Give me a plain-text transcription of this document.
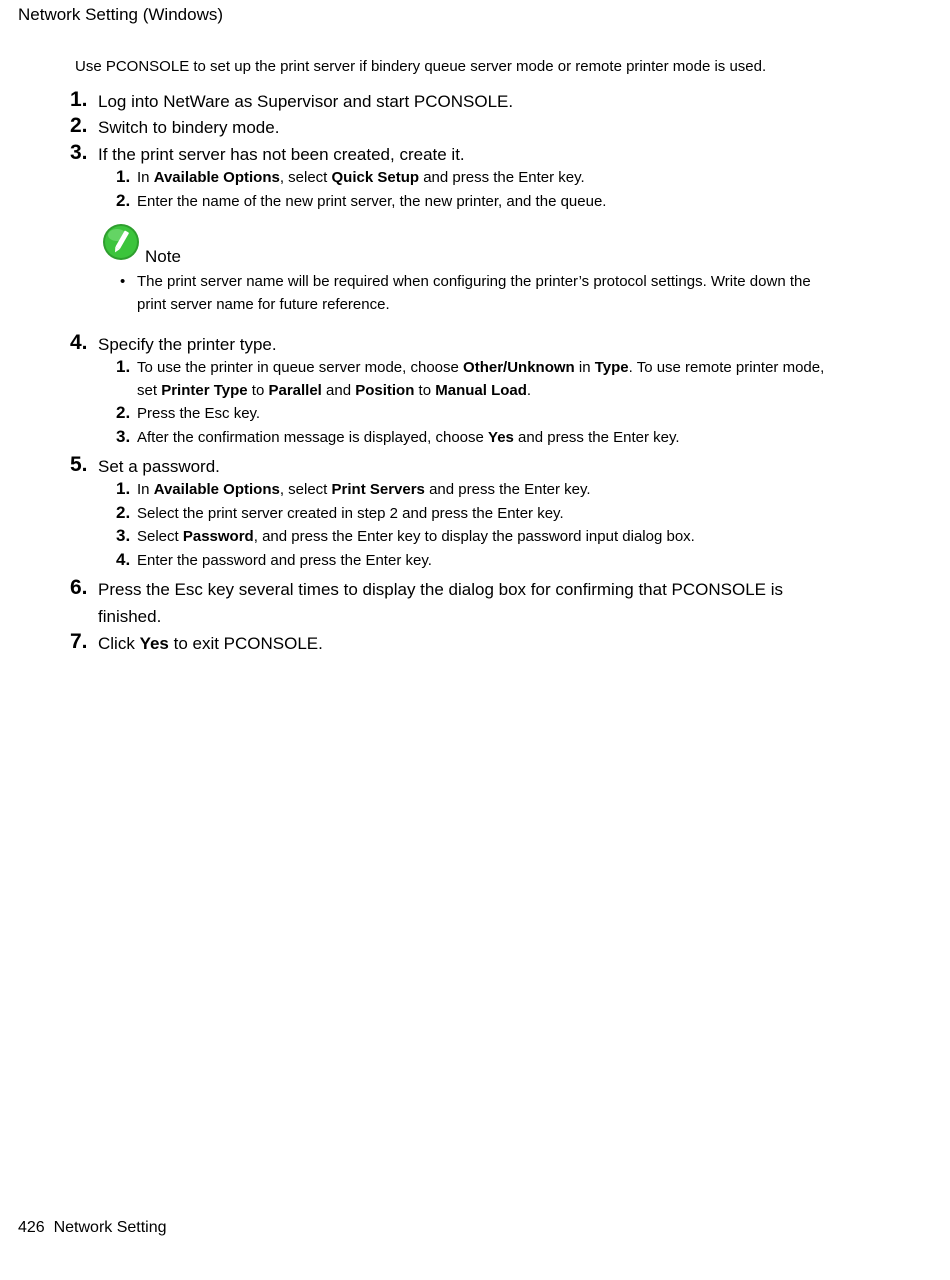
Network Setting (Windows)
Use PCONSOLE to set up the print server if bindery queue server mode or remote printer mode is used.
1. Log into NetWare as Supervisor and start PCONSOLE.
2. Switch to bindery mode.
3. If the print server has not been created, create it.
1. In Available Options, select Quick Setup and press the Enter key.
2. Enter the name of the new print server, the new printer, and the queue.
Note
• The print server name will be required when configuring the printer’s protocol settings. Write down the print server name for future reference.
4. Specify the printer type.
1. To use the printer in queue server mode, choose Other/Unknown in Type. To use remote printer mode, set Printer Type to Parallel and Position to Manual Load.
2. Press the Esc key.
3. After the confirmation message is displayed, choose Yes and press the Enter key.
5. Set a password.
1. In Available Options, select Print Servers and press the Enter key.
2. Select the print server created in step 2 and press the Enter key.
3. Select Password, and press the Enter key to display the password input dialog box.
4. Enter the password and press the Enter key.
6. Press the Esc key several times to display the dialog box for confirming that PCONSOLE is finished.
7. Click Yes to exit PCONSOLE.
426 Network Setting
